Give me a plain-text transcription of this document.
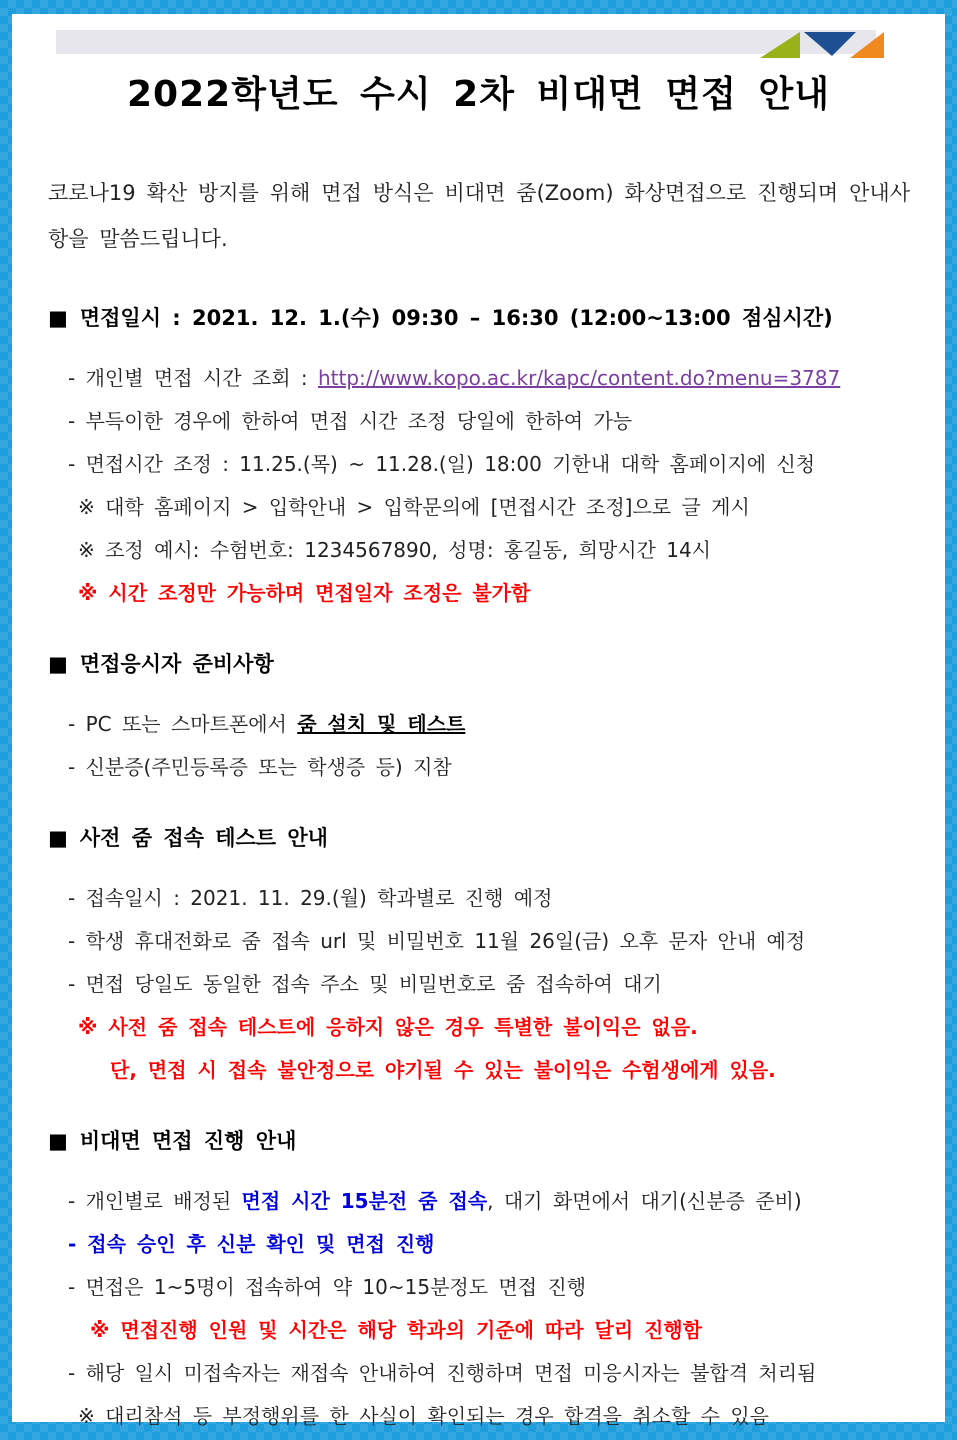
2022학년도 수시 2차 비대면 면접 안내
코로나19 확산 방지를 위해 면접 방식은 비대면 줌(Zoom) 화상면접으로 진행되며 안내사항을 말씀드립니다.
■ 면접일시 : 2021. 12. 1.(수) 09:30 – 16:30 (12:00~13:00 점심시간)
- 개인별 면접 시간 조회 : http://www.kopo.ac.kr/kapc/content.do?menu=3787
- 부득이한 경우에 한하여 면접 시간 조정 당일에 한하여 가능
- 면접시간 조정 : 11.25.(목) ~ 11.28.(일) 18:00 기한내 대학 홈페이지에 신청
※ 대학 홈페이지 > 입학안내 > 입학문의에 [면접시간 조정]으로 글 게시
※ 조정 예시: 수험번호: 1234567890, 성명: 홍길동, 희망시간 14시
※ 시간 조정만 가능하며 면접일자 조정은 불가함
■ 면접응시자 준비사항
- PC 또는 스마트폰에서 줌 설치 및 테스트
- 신분증(주민등록증 또는 학생증 등) 지참
■ 사전 줌 접속 테스트 안내
- 접속일시 : 2021. 11. 29.(월) 학과별로 진행 예정
- 학생 휴대전화로 줌 접속 url 및 비밀번호 11월 26일(금) 오후 문자 안내 예정
- 면접 당일도 동일한 접속 주소 및 비밀번호로 줌 접속하여 대기
※ 사전 줌 접속 테스트에 응하지 않은 경우 특별한 불이익은 없음.
단, 면접 시 접속 불안정으로 야기될 수 있는 불이익은 수험생에게 있음.
■ 비대면 면접 진행 안내
- 개인별로 배정된 면접 시간 15분전 줌 접속, 대기 화면에서 대기(신분증 준비)
- 접속 승인 후 신분 확인 및 면접 진행
- 면접은 1~5명이 접속하여 약 10~15분정도 면접 진행
※ 면접진행 인원 및 시간은 해당 학과의 기준에 따라 달리 진행함
- 해당 일시 미접속자는 재접속 안내하여 진행하며 면접 미응시자는 불합격 처리됨
※ 대리참석 등 부정행위를 한 사실이 확인되는 경우 합격을 취소할 수 있음
